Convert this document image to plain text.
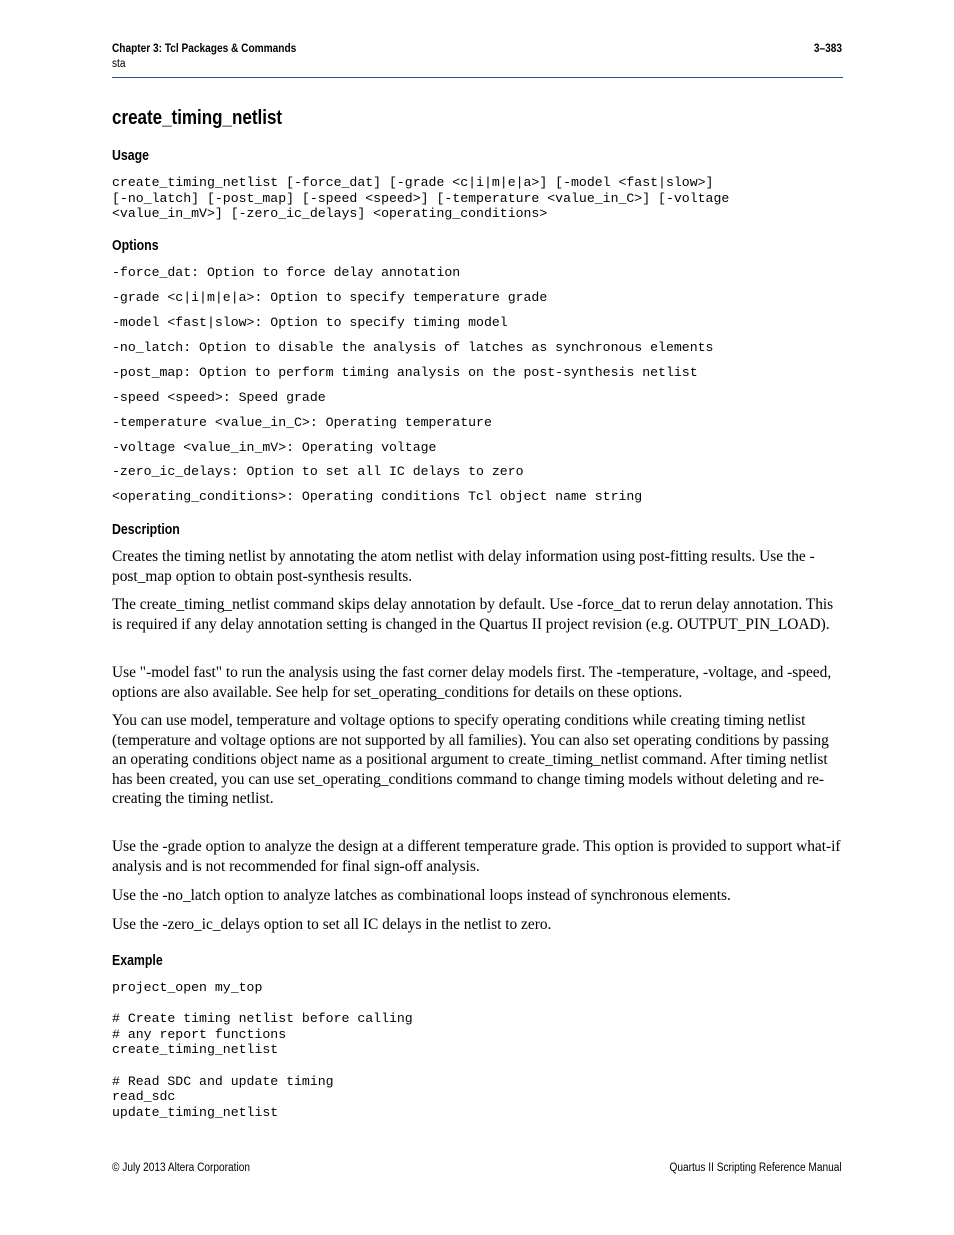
Chapter 3: Tcl Packages & Commands
sta
3–383
create_timing_netlist
Usage
create_timing_netlist [-force_dat] [-grade <c|i|m|e|a>] [-model <fast|slow>]
[-no_latch] [-post_map] [-speed <speed>] [-temperature <value_in_C>] [-voltage
<value_in_mV>] [-zero_ic_delays] <operating_conditions>
Options
-force_dat: Option to force delay annotation
-grade <c|i|m|e|a>: Option to specify temperature grade
-model <fast|slow>: Option to specify timing model
-no_latch: Option to disable the analysis of latches as synchronous elements
-post_map: Option to perform timing analysis on the post-synthesis netlist
-speed <speed>: Speed grade
-temperature <value_in_C>: Operating temperature
-voltage <value_in_mV>: Operating voltage
-zero_ic_delays: Option to set all IC delays to zero
<operating_conditions>: Operating conditions Tcl object name string
Description
Creates the timing netlist by annotating the atom netlist with delay information using post-fitting results. Use the -post_map option to obtain post-synthesis results.
The create_timing_netlist command skips delay annotation by default. Use -force_dat to rerun delay annotation. This is required if any delay annotation setting is changed in the Quartus II project revision (e.g. OUTPUT_PIN_LOAD).
Use "-model fast" to run the analysis using the fast corner delay models first. The -temperature, -voltage, and -speed, options are also available. See help for set_operating_conditions for details on these options.
You can use model, temperature and voltage options to specify operating conditions while creating timing netlist (temperature and voltage options are not supported by all families). You can also set operating conditions by passing an operating conditions object name as a positional argument to create_timing_netlist command. After timing netlist has been created, you can use set_operating_conditions command to change timing models without deleting and re-creating the timing netlist.
Use the -grade option to analyze the design at a different temperature grade. This option is provided to support what-if analysis and is not recommended for final sign-off analysis.
Use the -no_latch option to analyze latches as combinational loops instead of synchronous elements.
Use the -zero_ic_delays option to set all IC delays in the netlist to zero.
Example
project_open my_top

# Create timing netlist before calling
# any report functions
create_timing_netlist

# Read SDC and update timing
read_sdc
update_timing_netlist
© July 2013 Altera Corporation	Quartus II Scripting Reference Manual
